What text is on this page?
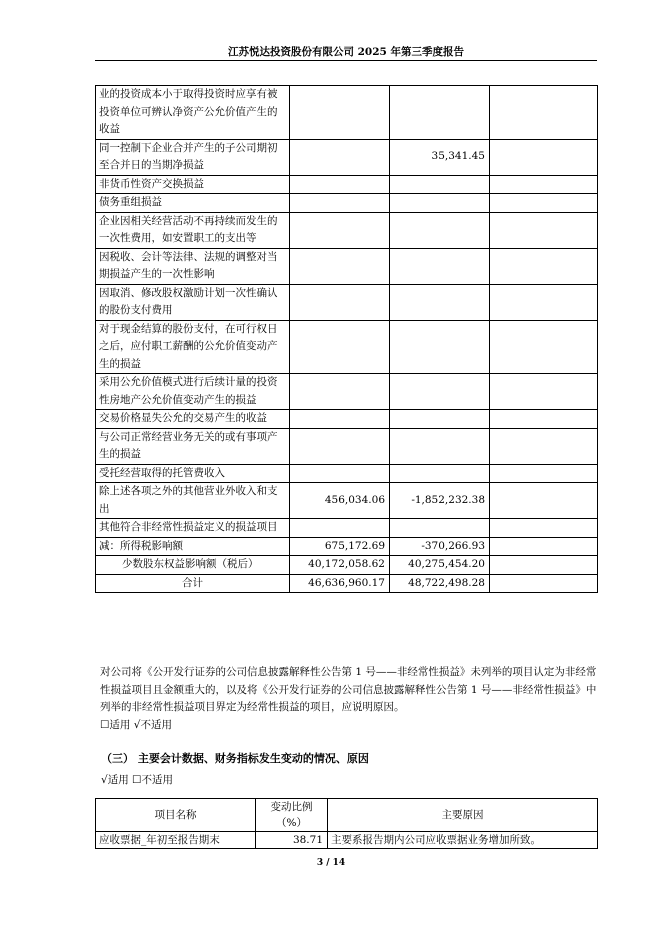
江苏悦达投资股份有限公司 2025 年第三季度报告
业的投资成本小于取得投资时应享有被投资单位可辨认净资产公允价值产生的收益			
同一控制下企业合并产生的子公司期初至合并日的当期净损益		35,341.45	
非货币性资产交换损益			
债务重组损益			
企业因相关经营活动不再持续而发生的一次性费用，如安置职工的支出等			
因税收、会计等法律、法规的调整对当期损益产生的一次性影响			
因取消、修改股权激励计划一次性确认的股份支付费用			
对于现金结算的股份支付，在可行权日之后，应付职工薪酬的公允价值变动产生的损益			
采用公允价值模式进行后续计量的投资性房地产公允价值变动产生的损益			
交易价格显失公允的交易产生的收益			
与公司正常经营业务无关的或有事项产生的损益			
受托经营取得的托管费收入			
除上述各项之外的其他营业外收入和支出	456,034.06	-1,852,232.38	
其他符合非经常性损益定义的损益项目			
减：所得税影响额	675,172.69	-370,266.93	
少数股东权益影响额（税后）	40,172,058.62	40,275,454.20	
合计	46,636,960.17	48,722,498.28	

对公司将《公开发行证券的公司信息披露解释性公告第 1 号——非经常性损益》未列举的项目认定为非经常性损益项目且金额重大的，以及将《公开发行证券的公司信息披露解释性公告第 1 号——非经常性损益》中列举的非经常性损益项目界定为经常性损益的项目，应说明原因。

☐适用 √不适用

（三） 主要会计数据、财务指标发生变动的情况、原因
√适用 ☐不适用
项目名称	变动比例（%）	主要原因
应收票据_年初至报告期末	38.71	主要系报告期内公司应收票据业务增加所致。
3 / 14
